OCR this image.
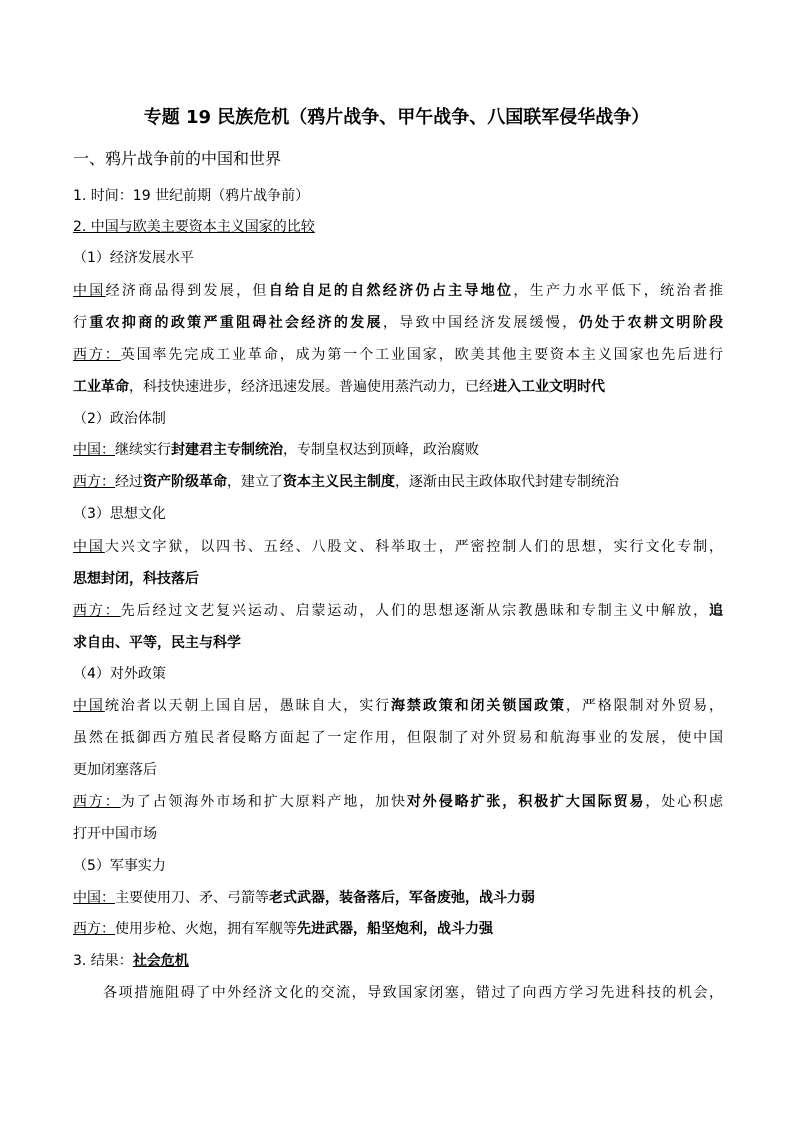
专题 19 民族危机（鸦片战争、甲午战争、八国联军侵华战争）
一、鸦片战争前的中国和世界
1. 时间：19 世纪前期（鸦片战争前）
2. 中国与欧美主要资本主义国家的比较
（1）经济发展水平
中国经济商品得到发展，但自给自足的自然经济仍占主导地位，生产力水平低下，统治者推
行重农抑商的政策严重阻碍社会经济的发展，导致中国经济发展缓慢，仍处于农耕文明阶段
西方：英国率先完成工业革命，成为第一个工业国家，欧美其他主要资本主义国家也先后进行
工业革命，科技快速进步，经济迅速发展。普遍使用蒸汽动力，已经进入工业文明时代
（2）政治体制
中国：继续实行封建君主专制统治，专制皇权达到顶峰，政治腐败
西方：经过资产阶级革命，建立了资本主义民主制度，逐渐由民主政体取代封建专制统治
（3）思想文化
中国大兴文字狱，以四书、五经、八股文、科举取士，严密控制人们的思想，实行文化专制，
思想封闭，科技落后
西方：先后经过文艺复兴运动、启蒙运动，人们的思想逐渐从宗教愚昧和专制主义中解放，追
求自由、平等，民主与科学
（4）对外政策
中国统治者以天朝上国自居，愚昧自大，实行海禁政策和闭关锁国政策，严格限制对外贸易，
虽然在抵御西方殖民者侵略方面起了一定作用，但限制了对外贸易和航海事业的发展，使中国
更加闭塞落后
西方：为了占领海外市场和扩大原料产地，加快对外侵略扩张，积极扩大国际贸易，处心积虑
打开中国市场
（5）军事实力
中国：主要使用刀、矛、弓箭等老式武器，装备落后，军备废弛，战斗力弱
西方：使用步枪、火炮，拥有军舰等先进武器，船坚炮利，战斗力强
3. 结果：社会危机
各项措施阻碍了中外经济文化的交流，导致国家闭塞，错过了向西方学习先进科技的机会，
